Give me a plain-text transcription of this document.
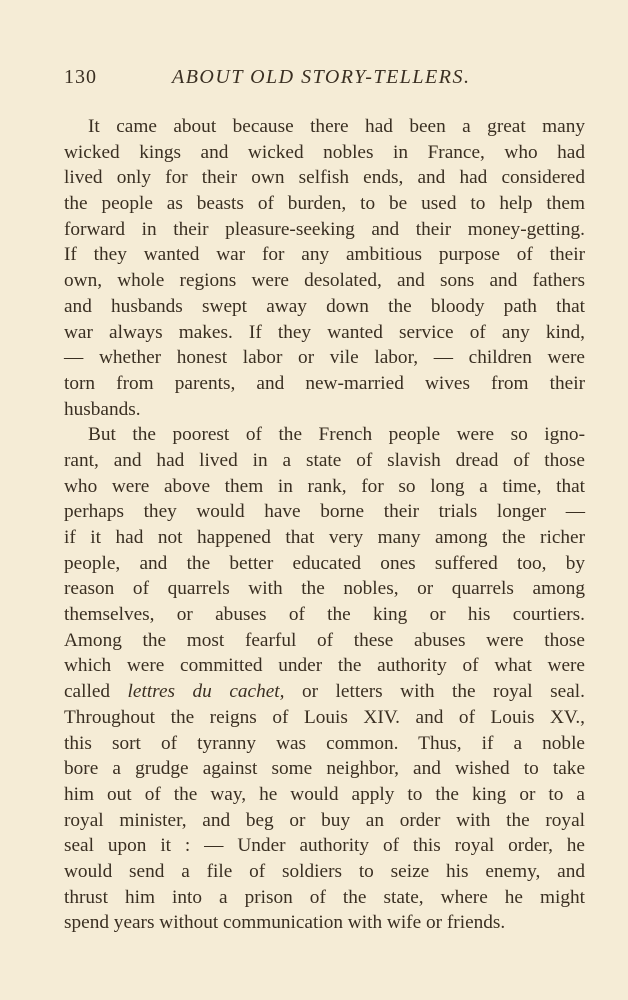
130	ABOUT OLD STORY-TELLERS.
It came about because there had been a great many
wicked kings and wicked nobles in France, who had
lived only for their own selfish ends, and had considered
the people as beasts of burden, to be used to help them
forward in their pleasure-seeking and their money-getting.
If they wanted war for any ambitious purpose of their
own, whole regions were desolated, and sons and fathers
and husbands swept away down the bloody path that
war always makes. If they wanted service of any kind,
— whether honest labor or vile labor, — children were
torn from parents, and new-married wives from their
husbands.
But the poorest of the French people were so igno-
rant, and had lived in a state of slavish dread of those
who were above them in rank, for so long a time, that
perhaps they would have borne their trials longer —
if it had not happened that very many among the richer
people, and the better educated ones suffered too, by
reason of quarrels with the nobles, or quarrels among
themselves, or abuses of the king or his courtiers.
Among the most fearful of these abuses were those
which were committed under the authority of what were
called lettres du cachet, or letters with the royal seal.
Throughout the reigns of Louis XIV. and of Louis XV.,
this sort of tyranny was common. Thus, if a noble
bore a grudge against some neighbor, and wished to take
him out of the way, he would apply to the king or to a
royal minister, and beg or buy an order with the royal
seal upon it : — Under authority of this royal order, he
would send a file of soldiers to seize his enemy, and
thrust him into a prison of the state, where he might
spend years without communication with wife or friends.
